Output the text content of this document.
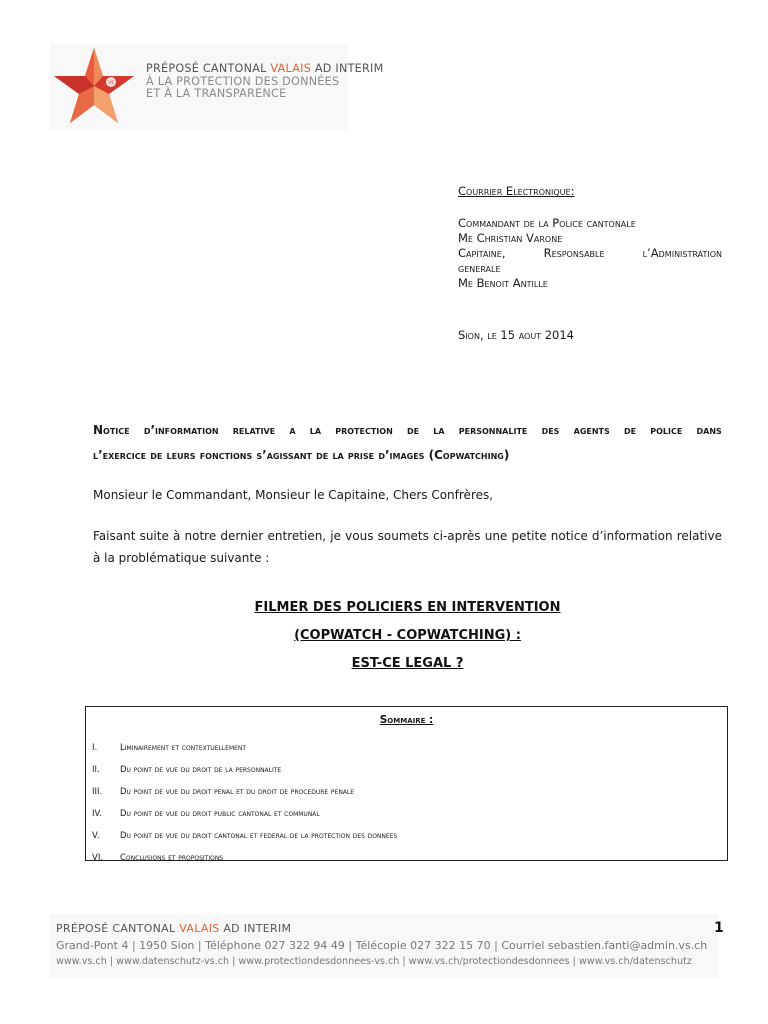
VS
PRÉPOSÉ CANTONAL VALAIS AD INTERIM
À LA PROTECTION DES DONNÉES
ET À LA TRANSPARENCE
Courrier Electronique:
Commandant de la Police cantonale
Me Christian Varone
Capitaine,	Responsable	l’Administration
generale
Me Benoit Antille
Sion, le 15 aout 2014
Notice d’information relative a la protection de la personnalite des agents de police dans
l’exercice de leurs fonctions s’agissant de la prise d’images (Copwatching)
Monsieur le Commandant, Monsieur le Capitaine, Chers Confrères,
Faisant suite à notre dernier entretien, je vous soumets ci-après une petite notice d’information relative à la problématique suivante :
FILMER DES POLICIERS EN INTERVENTION
(COPWATCH - COPWATCHING) :
EST-CE LEGAL ?
Sommaire :
I.	Liminairement et contextuellement
II.	Du point de vue du droit de la personnalite
III.	Du point de vue du droit penal et du droit de procedure penale
IV.	Du point de vue du droit public cantonal et communal
V.	Du point de vue du droit cantonal et federal de la protection des donnees
VI.	Conclusions et propositions
PRÉPOSÉ CANTONAL VALAIS AD INTERIM
Grand-Pont 4 | 1950 Sion | Téléphone 027 322 94 49 | Télécopie 027 322 15 70 | Courriel sebastien.fanti@admin.vs.ch
www.vs.ch | www.datenschutz-vs.ch | www.protectiondesdonnees-vs.ch | www.vs.ch/protectiondesdonnees | www.vs.ch/datenschutz
1
